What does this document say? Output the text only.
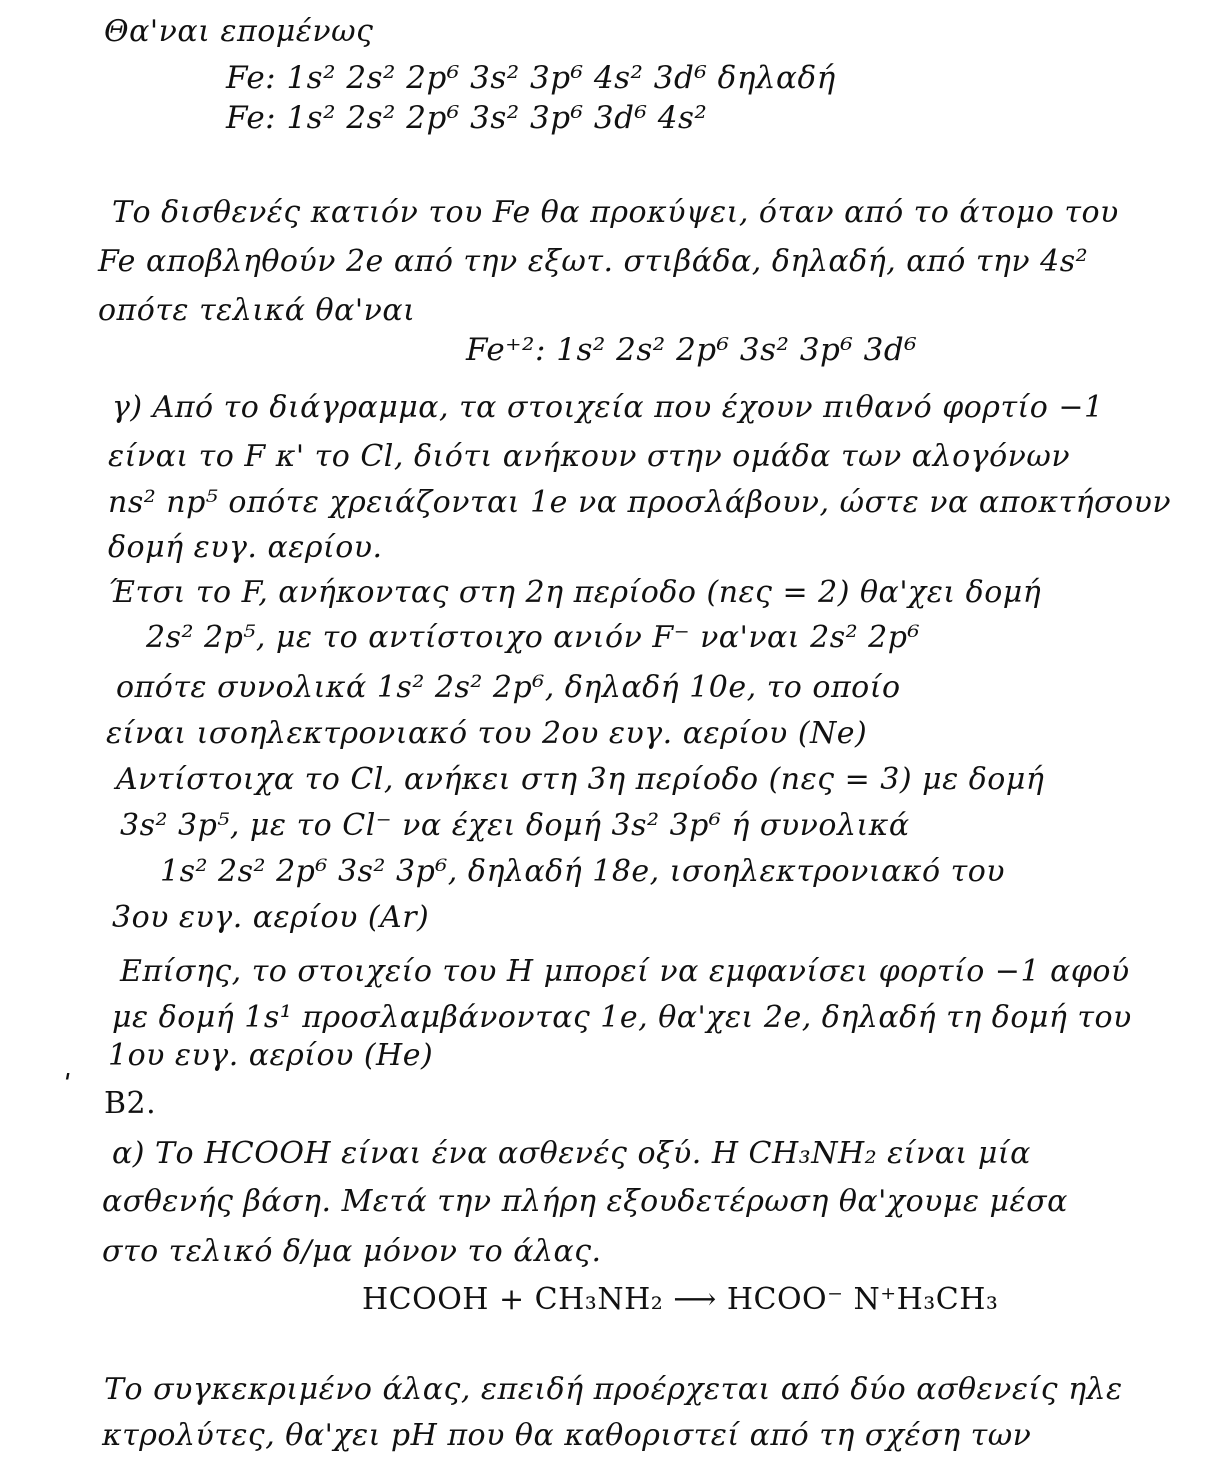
Θα'ναι επομένως
Fe: 1s² 2s² 2p⁶ 3s² 3p⁶ 4s² 3d⁶ δηλαδή
Fe: 1s² 2s² 2p⁶ 3s² 3p⁶ 3d⁶ 4s²
Το δισθενές κατιόν του Fe θα προκύψει, όταν από το άτομο του
Fe αποβληθούν 2e από την εξωτ. στιβάδα, δηλαδή, από την 4s²
οπότε τελικά θα'ναι
Fe⁺²: 1s² 2s² 2p⁶ 3s² 3p⁶ 3d⁶
γ) Από το διάγραμμα, τα στοιχεία που έχουν πιθανό φορτίο −1
είναι το F κ' το Cl, διότι ανήκουν στην ομάδα των αλογόνων
ns² np⁵ οπότε χρειάζονται 1e να προσλάβουν, ώστε να αποκτήσουν
δομή ευγ. αερίου.
Έτσι το F, ανήκοντας στη 2η περίοδο (nες = 2) θα'χει δομή
2s² 2p⁵, με το αντίστοιχο ανιόν F⁻ να'ναι 2s² 2p⁶
οπότε συνολικά 1s² 2s² 2p⁶, δηλαδή 10e, το οποίο
είναι ισοηλεκτρονιακό του 2ου ευγ. αερίου (Ne)
Αντίστοιχα το Cl, ανήκει στη 3η περίοδο (nες = 3) με δομή
3s² 3p⁵, με το Cl⁻ να έχει δομή 3s² 3p⁶ ή συνολικά
1s² 2s² 2p⁶ 3s² 3p⁶, δηλαδή 18e, ισοηλεκτρονιακό του
3ου ευγ. αερίου (Ar)
Επίσης, το στοιχείο του H μπορεί να εμφανίσει φορτίο −1 αφού
με δομή 1s¹ προσλαμβάνοντας 1e, θα'χει 2e, δηλαδή τη δομή του
1ου ευγ. αερίου (He)
ˈ
B2.
α) Το HCOOH είναι ένα ασθενές οξύ. Η CH₃NH₂ είναι μία
ασθενής βάση. Μετά την πλήρη εξουδετέρωση θα'χουμε μέσα
στο τελικό δ/μα μόνον το άλας.
HCOOH + CH₃NH₂ ⟶ HCOO⁻ N⁺H₃CH₃
Το συγκεκριμένο άλας, επειδή προέρχεται από δύο ασθενείς ηλε
κτρολύτες, θα'χει pH που θα καθοριστεί από τη σχέση των
